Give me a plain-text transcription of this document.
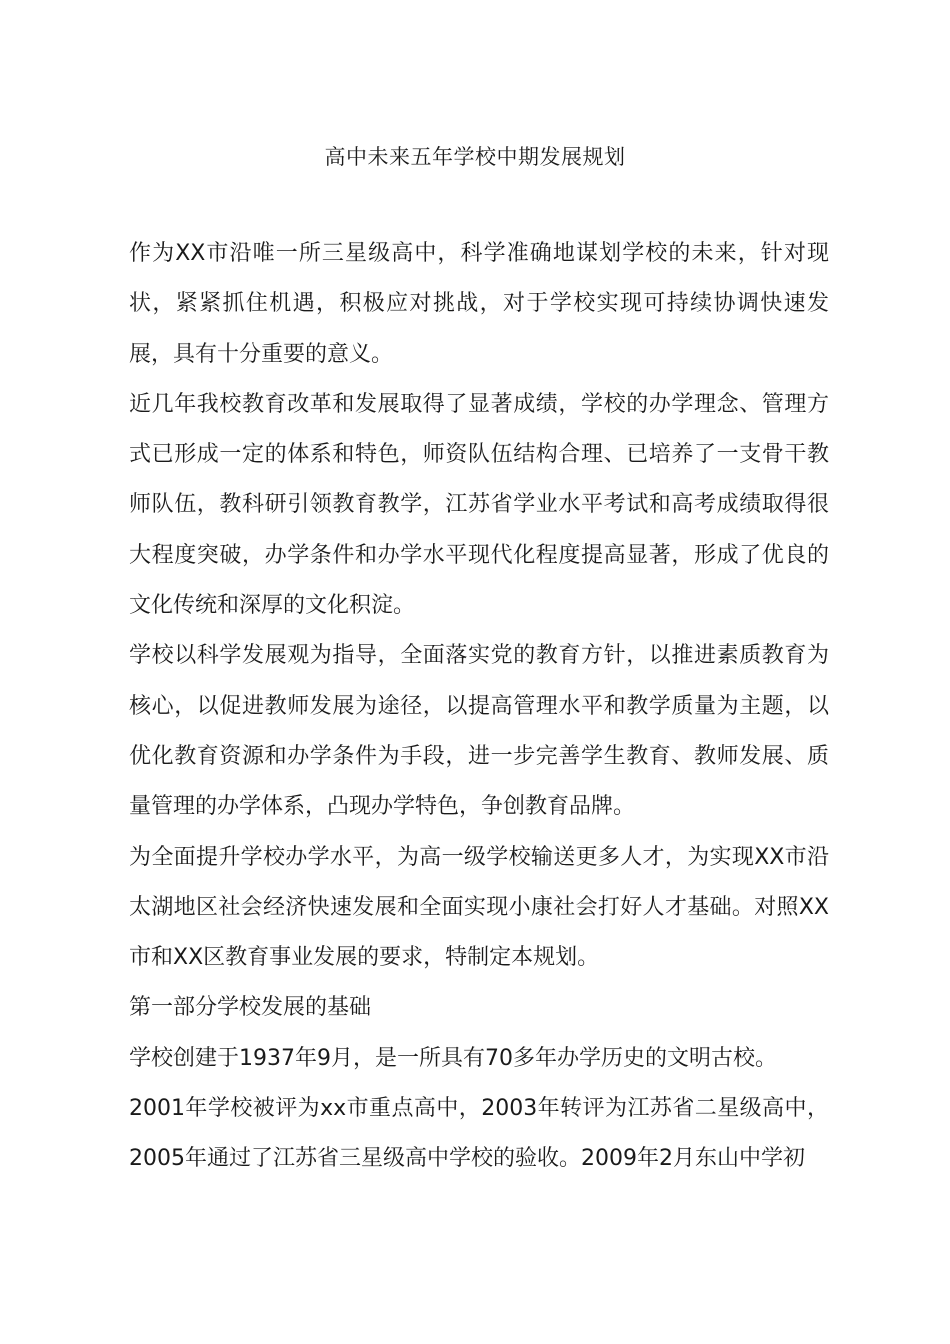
高中未来五年学校中期发展规划

作为XX市沿唯一所三星级高中，科学准确地谋划学校的未来，针对现状，紧紧抓住机遇，积极应对挑战，对于学校实现可持续协调快速发展，具有十分重要的意义。

近几年我校教育改革和发展取得了显著成绩，学校的办学理念、管理方式已形成一定的体系和特色，师资队伍结构合理、已培养了一支骨干教师队伍，教科研引领教育教学，江苏省学业水平考试和高考成绩取得很大程度突破，办学条件和办学水平现代化程度提高显著，形成了优良的文化传统和深厚的文化积淀。

学校以科学发展观为指导，全面落实党的教育方针，以推进素质教育为核心，以促进教师发展为途径，以提高管理水平和教学质量为主题，以优化教育资源和办学条件为手段，进一步完善学生教育、教师发展、质量管理的办学体系，凸现办学特色，争创教育品牌。

为全面提升学校办学水平，为高一级学校输送更多人才，为实现XX市沿太湖地区社会经济快速发展和全面实现小康社会打好人才基础。对照XX市和XX区教育事业发展的要求，特制定本规划。

第一部分学校发展的基础

学校创建于1937年9月，是一所具有70多年办学历史的文明古校。

2001年学校被评为xx市重点高中，2003年转评为江苏省二星级高中，2005年通过了江苏省三星级高中学校的验收。2009年2月东山中学初
